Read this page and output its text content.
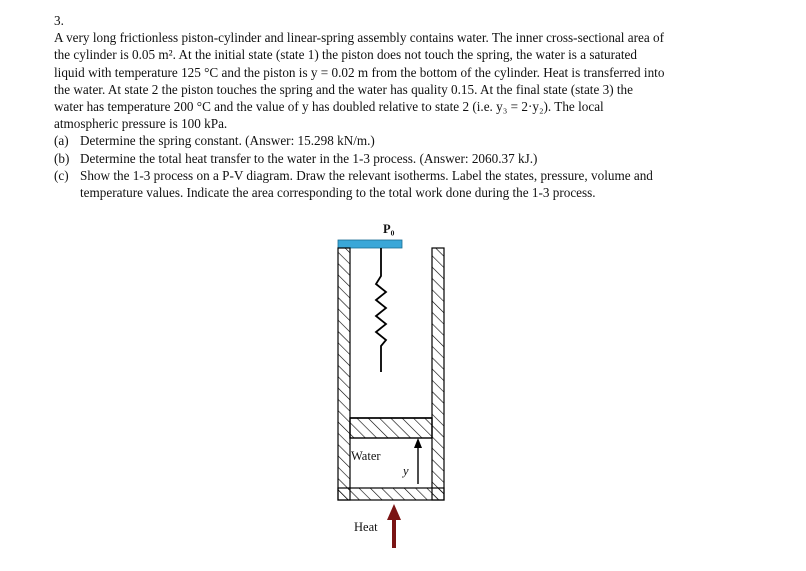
3.
A very long frictionless piston-cylinder and linear-spring assembly contains water. The inner cross-sectional area of
the cylinder is 0.05 m². At the initial state (state 1) the piston does not touch the spring, the water is a saturated
liquid with temperature 125 °C and the piston is y = 0.02 m from the bottom of the cylinder. Heat is transferred into
the water. At state 2 the piston touches the spring and the water has quality 0.15. At the final state (state 3) the
water has temperature 200 °C and the value of y has doubled relative to state 2 (i.e. y₃ = 2·y₂). The local
atmospheric pressure is 100 kPa.
(a) Determine the spring constant. (Answer: 15.298 kN/m.)
(b) Determine the total heat transfer to the water in the 1-3 process. (Answer: 2060.37 kJ.)
(c) Show the 1-3 process on a P-V diagram. Draw the relevant isotherms. Label the states, pressure, volume and
temperature values. Indicate the area corresponding to the total work done during the 1-3 process.
P₀
Water
y
Heat
